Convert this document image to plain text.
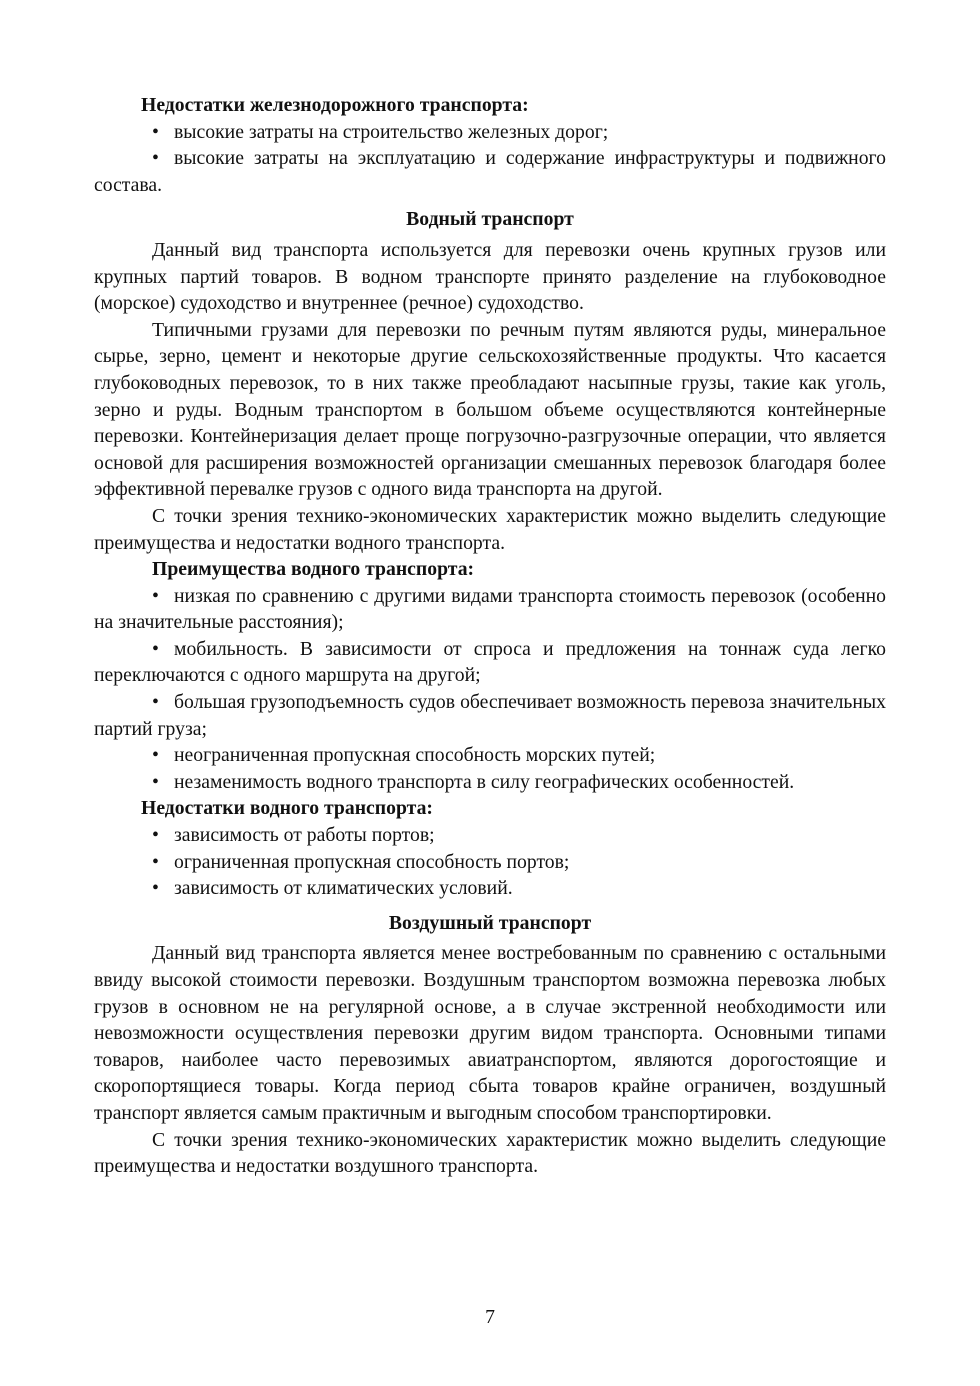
Недостатки железнодорожного транспорта:

• высокие затраты на строительство железных дорог;

• высокие затраты на эксплуатацию и содержание инфраструктуры и подвижного состава.

Водный транспорт

Данный вид транспорта используется для перевозки очень крупных грузов или крупных партий товаров. В водном транспорте принято разделение на глубоководное (морское) судоходство и внутреннее (речное) судоходство.

Типичными грузами для перевозки по речным путям являются руды, минеральное сырье, зерно, цемент и некоторые другие сельскохозяйственные продукты. Что касается глубоководных перевозок, то в них также преобладают насыпные грузы, такие как уголь, зерно и руды. Водным транспортом в большом объеме осуществляются контейнерные перевозки. Контейнеризация делает проще погрузочно-разгрузочные операции, что является основой для расширения возможностей организации смешанных перевозок благодаря более эффективной перевалке грузов с одного вида транспорта на другой.

С точки зрения технико-экономических характеристик можно выделить следующие преимущества и недостатки водного транспорта.

Преимущества водного транспорта:

• низкая по сравнению с другими видами транспорта стоимость перевозок (особенно на значительные расстояния);

• мобильность. В зависимости от спроса и предложения на тоннаж суда легко переключаются с одного маршрута на другой;

• большая грузоподъемность судов обеспечивает возможность перевоза значительных партий груза;

• неограниченная пропускная способность морских путей;

• незаменимость водного транспорта в силу географических особенностей.

Недостатки водного транспорта:

• зависимость от работы портов;

• ограниченная пропускная способность портов;

• зависимость от климатических условий.

Воздушный транспорт

Данный вид транспорта является менее востребованным по сравнению с остальными ввиду высокой стоимости перевозки. Воздушным транспортом возможна перевозка любых грузов в основном не на регулярной основе, а в случае экстренной необходимости или невозможности осуществления перевозки другим видом транспорта. Основными типами товаров, наиболее часто перевозимых авиатранспортом, являются дорогостоящие и скоропортящиеся товары. Когда период сбыта товаров крайне ограничен, воздушный транспорт является самым практичным и выгодным способом транспортировки.

С точки зрения технико-экономических характеристик можно выделить следующие преимущества и недостатки воздушного транспорта.

7
